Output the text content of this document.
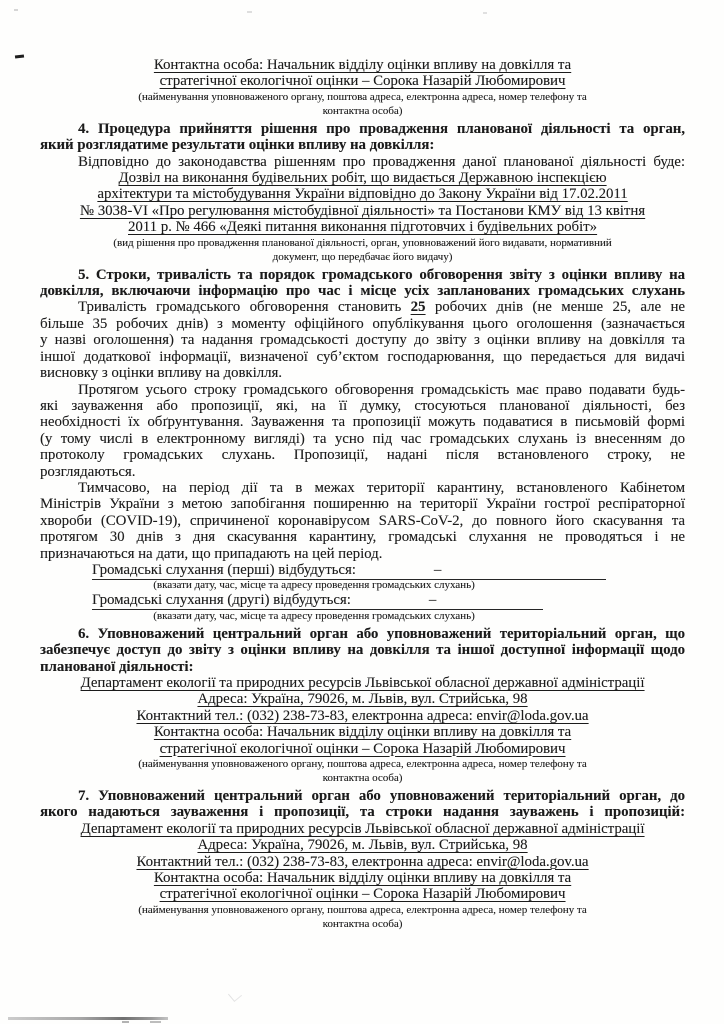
Контактна особа: Начальник відділу оцінки впливу на довкілля та
стратегічної екологічної оцінки – Сорока Назарій Любомирович
(найменування уповноваженого органу, поштова адреса, електронна адреса, номер телефону та
контактна особа)
4. Процедура прийняття рішення про провадження планованої діяльності та орган,
який розглядатиме результати оцінки впливу на довкілля:
Відповідно до законодавства рішенням про провадження даної планованої діяльності буде:
Дозвіл на виконання будівельних робіт, що видається Державною інспекцією
архітектури та містобудування України відповідно до Закону України від 17.02.2011
№ 3038-VI «Про регулювання містобудівної діяльності» та Постанови КМУ від 13 квітня
2011 р. № 466 «Деякі питання виконання підготовчих і будівельних робіт»
(вид рішення про провадження планованої діяльності, орган, уповноважений його видавати, нормативний
документ, що передбачає його видачу)
5. Строки, тривалість та порядок громадського обговорення звіту з оцінки впливу на
довкілля, включаючи інформацію про час і місце усіх запланованих громадських слухань
Тривалість громадського обговорення становить 25 робочих днів (не менше 25, але не
більше 35 робочих днів) з моменту офіційного опублікування цього оголошення (зазначається
у назві оголошення) та надання громадськості доступу до звіту з оцінки впливу на довкілля та
іншої додаткової інформації, визначеної суб’єктом господарювання, що передається для видачі
висновку з оцінки впливу на довкілля.
Протягом усього строку громадського обговорення громадськість має право подавати будь-
які зауваження або пропозиції, які, на її думку, стосуються планованої діяльності, без
необхідності їх обґрунтування. Зауваження та пропозиції можуть подаватися в письмовій формі
(у тому числі в електронному вигляді) та усно під час громадських слухань із внесенням до
протоколу громадських слухань. Пропозиції, надані після встановленого строку, не
розглядаються.
Тимчасово, на період дії та в межах території карантину, встановленого Кабінетом
Міністрів України з метою запобігання поширенню на території України гострої респіраторної
хвороби (COVID-19), спричиненої коронавірусом SARS-CoV-2, до повного його скасування та
протягом 30 днів з дня скасування карантину, громадські слухання не проводяться і не
призначаються на дати, що припадають на цей період.
Громадські слухання (перші) відбудуться:	–
(вказати дату, час, місце та адресу проведення громадських слухань)
Громадські слухання (другі) відбудуться:	–
(вказати дату, час, місце та адресу проведення громадських слухань)
6. Уповноважений центральний орган або уповноважений територіальний орган, що
забезпечує доступ до звіту з оцінки впливу на довкілля та іншої доступної інформації щодо
планованої діяльності:
Департамент екології та природних ресурсів Львівської обласної державної адміністрації
Адреса: Україна, 79026, м. Львів, вул. Стрийська, 98
Контактний тел.: (032) 238-73-83, електронна адреса: envir@loda.gov.ua
Контактна особа: Начальник відділу оцінки впливу на довкілля та
стратегічної екологічної оцінки – Сорока Назарій Любомирович
(найменування уповноваженого органу, поштова адреса, електронна адреса, номер телефону та
контактна особа)
7. Уповноважений центральний орган або уповноважений територіальний орган, до
якого надаються зауваження і пропозиції, та строки надання зауважень і пропозицій:
Департамент екології та природних ресурсів Львівської обласної державної адміністрації
Адреса: Україна, 79026, м. Львів, вул. Стрийська, 98
Контактний тел.: (032) 238-73-83, електронна адреса: envir@loda.gov.ua
Контактна особа: Начальник відділу оцінки впливу на довкілля та
стратегічної екологічної оцінки – Сорока Назарій Любомирович
(найменування уповноваженого органу, поштова адреса, електронна адреса, номер телефону та
контактна особа)
